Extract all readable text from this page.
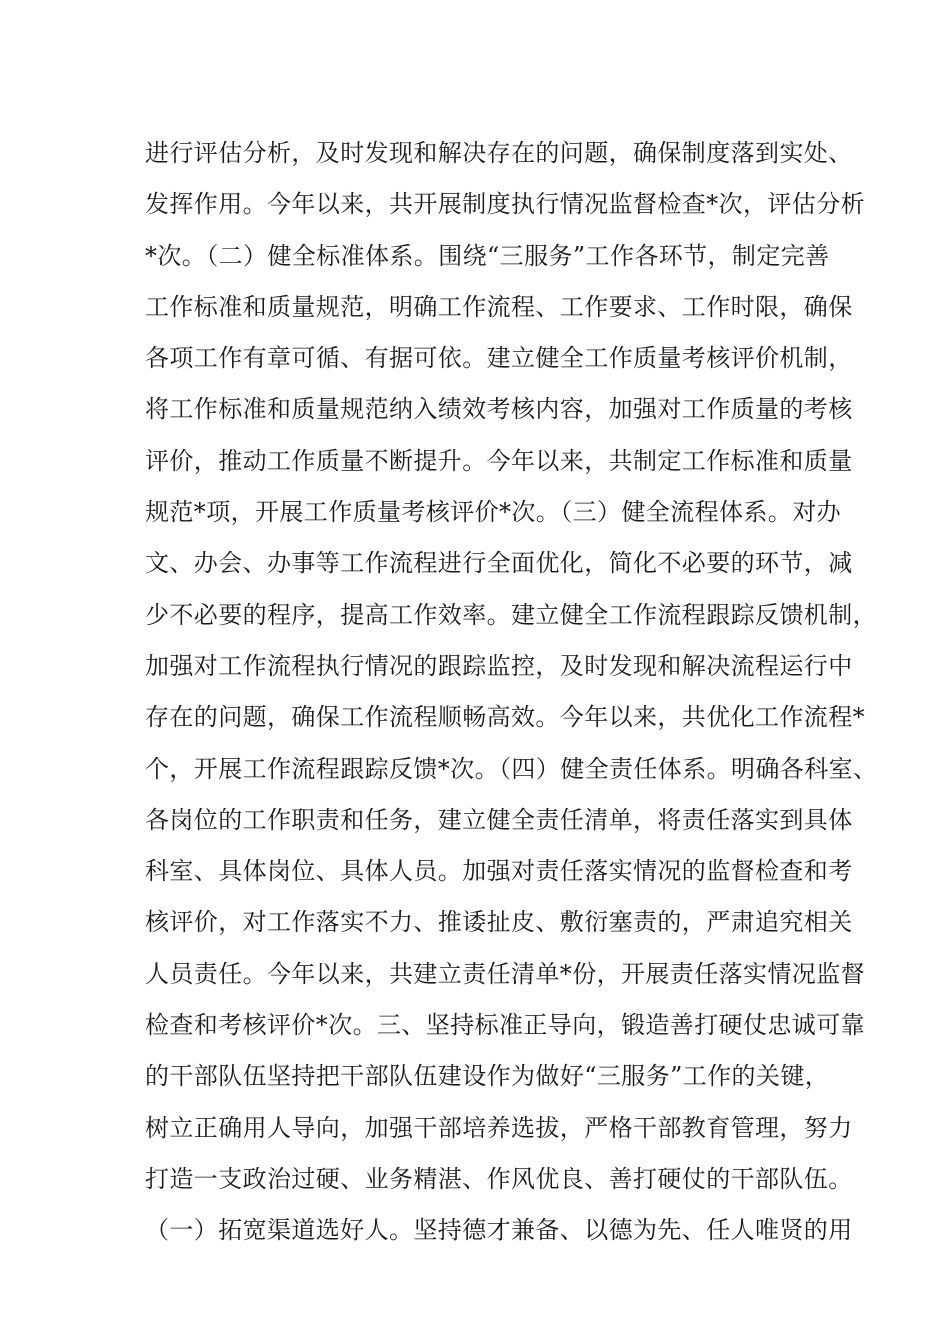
进行评估分析，及时发现和解决存在的问题，确保制度落到实处、
发挥作用。今年以来，共开展制度执行情况监督检查*次，评估分析
*次。（二）健全标准体系。围绕“三服务”工作各环节，制定完善
工作标准和质量规范，明确工作流程、工作要求、工作时限，确保
各项工作有章可循、有据可依。建立健全工作质量考核评价机制，
将工作标准和质量规范纳入绩效考核内容，加强对工作质量的考核
评价，推动工作质量不断提升。今年以来，共制定工作标准和质量
规范*项，开展工作质量考核评价*次。（三）健全流程体系。对办
文、办会、办事等工作流程进行全面优化，简化不必要的环节，减
少不必要的程序，提高工作效率。建立健全工作流程跟踪反馈机制，
加强对工作流程执行情况的跟踪监控，及时发现和解决流程运行中
存在的问题，确保工作流程顺畅高效。今年以来，共优化工作流程*
个，开展工作流程跟踪反馈*次。（四）健全责任体系。明确各科室、
各岗位的工作职责和任务，建立健全责任清单，将责任落实到具体
科室、具体岗位、具体人员。加强对责任落实情况的监督检查和考
核评价，对工作落实不力、推诿扯皮、敷衍塞责的，严肃追究相关
人员责任。今年以来，共建立责任清单*份，开展责任落实情况监督
检查和考核评价*次。三、坚持标准正导向，锻造善打硬仗忠诚可靠
的干部队伍坚持把干部队伍建设作为做好“三服务”工作的关键，
树立正确用人导向，加强干部培养选拔，严格干部教育管理，努力
打造一支政治过硬、业务精湛、作风优良、善打硬仗的干部队伍。
（一）拓宽渠道选好人。坚持德才兼备、以德为先、任人唯贤的用
